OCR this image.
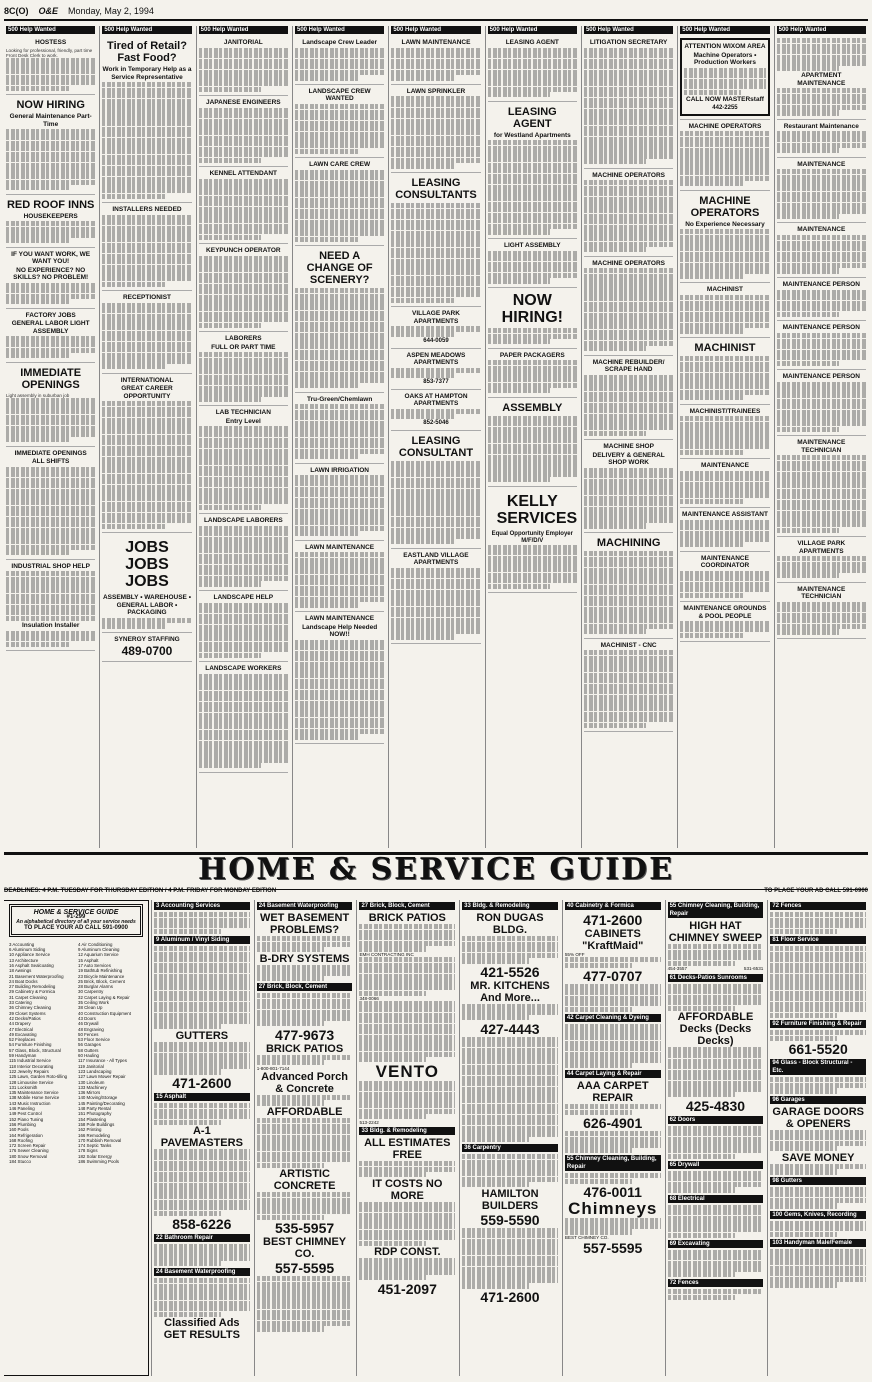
8C(O) O&E Monday, May 2, 1994
500 Help Wanted
HOSTESS
Looking for professional, friendly, part time Front Desk Clerk to work.
NOW HIRING
General Maintenance Part-Time
RED ROOF INNS
HOUSEKEEPERS
IF YOU WANT WORK, WE WANT YOU!
NO EXPERIENCE? NO SKILLS? NO PROBLEM!
FACTORY JOBS
GENERAL LABOR LIGHT ASSEMBLY
IMMEDIATE OPENINGS
Light assembly in suburban job
IMMEDIATE OPENINGS
ALL SHIFTS
INDUSTRIAL SHOP HELP
Insulation Installer
500 Help Wanted
Tired of Retail? Fast Food?
Work in Temporary Help as a Service Representative
INSTALLERS NEEDED
RECEPTIONIST
INTERNATIONAL
GREAT CAREER OPPORTUNITY
JOBS JOBS JOBS
ASSEMBLY • WAREHOUSE • GENERAL LABOR • PACKAGING
SYNERGY STAFFING
489-0700
500 Help Wanted
JANITORIAL
JAPANESE ENGINEERS
KENNEL ATTENDANT
KEYPUNCH OPERATOR
LABORERS
FULL OR PART TIME
LAB TECHNICIAN
Entry Level
LANDSCAPE LABORERS
LANDSCAPE HELP
LANDSCAPE WORKERS
500 Help Wanted
Landscape Crew Leader
LANDSCAPE CREW WANTED
LAWN CARE CREW
NEED A CHANGE OF SCENERY?
Tru-Green/Chemlawn
LAWN IRRIGATION
LAWN MAINTENANCE
LAWN MAINTENANCE
Landscape Help Needed NOW!!
500 Help Wanted
LAWN MAINTENANCE
LAWN SPRINKLER
LEASING CONSULTANTS
VILLAGE PARK APARTMENTS
644-0059
ASPEN MEADOWS APARTMENTS
853-7377
OAKS AT HAMPTON APARTMENTS
852-5046
LEASING CONSULTANT
EASTLAND VILLAGE APARTMENTS
500 Help Wanted
LEASING AGENT
LEASING AGENT
for Westland Apartments
LIGHT ASSEMBLY
NOW HIRING!
PAPER PACKAGERS
ASSEMBLY
KELLY SERVICES
Equal Opportunity Employer M/F/D/V
500 Help Wanted
LITIGATION SECRETARY
MACHINE OPERATORS
MACHINE OPERATORS
MACHINE REBUILDER/ SCRAPE HAND
MACHINE SHOP
DELIVERY & GENERAL SHOP WORK
MACHINING
MACHINIST - CNC
500 Help Wanted
ATTENTION WIXOM AREA
Machine Operators • Production Workers
CALL NOW MASTERstaff
442-2255
MACHINE OPERATORS
MACHINE OPERATORS
No Experience Necessary
MACHINIST
MACHINIST
MACHINIST/TRAINEES
MAINTENANCE
MAINTENANCE ASSISTANT
MAINTENANCE COORDINATOR
MAINTENANCE GROUNDS & POOL PEOPLE
500 Help Wanted
APARTMENT MAINTENANCE
Restaurant Maintenance
MAINTENANCE
MAINTENANCE
MAINTENANCE PERSON
MAINTENANCE PERSON
MAINTENANCE PERSON
MAINTENANCE TECHNICIAN
VILLAGE PARK APARTMENTS
MAINTENANCE TECHNICIAN
HOME & SERVICE GUIDE
DEADLINES: 4 P.M. TUESDAY FOR THURSDAY EDITION / 4 P.M. FRIDAY FOR MONDAY EDITION	TO PLACE YOUR AD CALL 591-0900
HOME & SERVICE GUIDE
#1-299
An alphabetical directory of all your service needs
TO PLACE YOUR AD CALL 591-0900
3 Accounting	4 Air Conditioning
6 Aluminum Siding	9 Aluminum Cleaning
10 Appliance Service	12 Aquarium Service
13 Architecture	15 Asphalt
16 Asphalt Sealcoating	17 Auto Services
18 Awnings	19 Bathtub Refinishing
21 Basement Waterproofing	23 Bicycle Maintenance
24 Boat Docks	25 Brick, Block, Cement
27 Building Remodeling	28 Burglar Alarms
29 Cabinetry & Formica	30 Carpentry
31 Carpet Cleaning	32 Carpet Laying & Repair
33 Catering	35 Ceiling Work
36 Chimney Cleaning	38 Clean Up
39 Closet Systems	40 Construction Equipment
42 Decks/Patios	43 Doors
44 Drapery	46 Drywall
47 Electrical	48 Engraving
49 Excavating	50 Fences
52 Fireplaces	53 Floor Service
54 Furniture Finishing	56 Garages
57 Glass, Block, Structural	58 Gutters
59 Handyman	60 Hauling
115 Industrial Service	117 Insurance - All Types
118 Interior Decorating	119 Janitorial
122 Jewelry Repairs	123 Landscaping
125 Lawn, Garden Roto-tilling	127 Lawn Mower Repair
128 Limousine Service	130 Linoleum
131 Locksmith	133 Machinery
135 Maintenance Service	136 Mirrors
138 Mobile Home Service	140 Moving/Storage
143 Music Instruction	145 Painting/Decorating
146 Paneling	148 Party Rental
149 Pest Control	151 Photography
152 Piano Tuning	154 Plastering
156 Plumbing	158 Pole Buildings
160 Pools	162 Printing
164 Refrigeration	166 Remodeling
168 Roofing	170 Rubbish Removal
172 Screen Repair	174 Septic Tanks
176 Sewer Cleaning	178 Signs
180 Snow Removal	182 Solar Energy
184 Stucco	186 Swimming Pools
3 Accounting Services
9 Aluminum / Vinyl Siding
GUTTERS
471-2600
15 Asphalt
A-1 PAVEMASTERS
858-6226
22 Bathroom Repair
24 Basement Waterproofing
Classified Ads GET RESULTS
24 Basement Waterproofing
WET BASEMENT PROBLEMS?
B-DRY SYSTEMS
27 Brick, Block, Cement
477-9673
BRICK PATIOS
1-800-801-7144
Advanced Porch & Concrete
AFFORDABLE
ARTISTIC CONCRETE
535-5957
BEST CHIMNEY CO.
557-5595
27 Brick, Block, Cement
BRICK PATIOS
EMH CONTRACTING INC
348-0066
VENTO
513-2242
33 Bldg. & Remodeling
ALL ESTIMATES FREE
IT COSTS NO MORE
RDP CONST.
451-2097
33 Bldg. & Remodeling
RON DUGAS BLDG.
421-5526
MR. KITCHENS And More...
427-4443
36 Carpentry
HAMILTON BUILDERS
559-5590
471-2600
40 Cabinetry & Formica
471-2600
CABINETS "KraftMaid"
55% OFF
477-0707
42 Carpet Cleaning & Dyeing
44 Carpet Laying & Repair
AAA CARPET REPAIR
626-4901
55 Chimney Cleaning, Building, Repair
476-0011
Chimneys
BEST CHIMNEY CO.
557-5595
55 Chimney Cleaning, Building, Repair
HIGH HAT CHIMNEY SWEEP
454-3557	531-6531
61 Decks-Patios Sunrooms
AFFORDABLE Decks (Decks Decks)
425-4830
62 Doors
65 Drywall
68 Electrical
69 Excavating
72 Fences
72 Fences
81 Floor Service
92 Furniture Finishing & Repair
661-5520
94 Glass - Block Structural - Etc.
96 Garages
GARAGE DOORS & OPENERS
SAVE MONEY
98 Gutters
100 Gems, Knives, Recording
103 Handyman Male/Female
